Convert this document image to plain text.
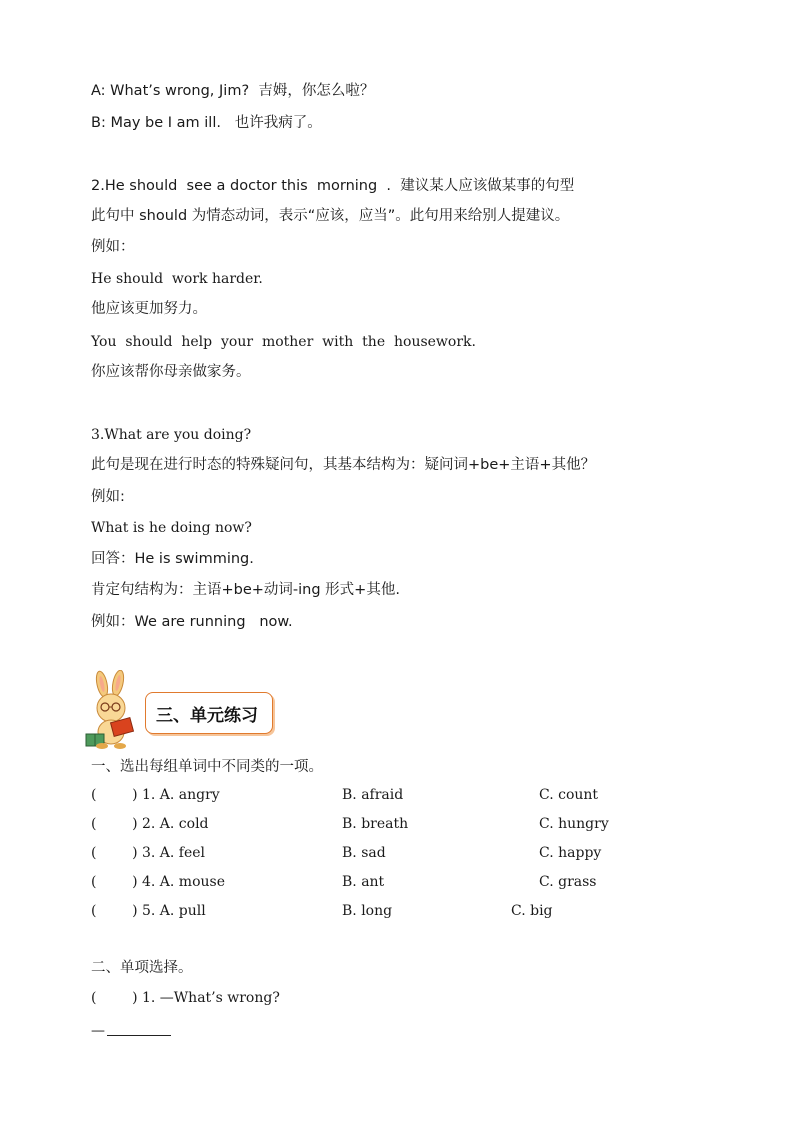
A: What’s wrong, Jim?  吉姆，你怎么啦？
B: May be I am ill.   也许我病了。
2.He should  see a doctor this  morning  .  建议某人应该做某事的句型
此句中 should 为情态动词，表示“应该，应当”。此句用来给别人提建议。
例如：
He should  work harder.
他应该更加努力。
You  should  help  your  mother  with  the  housework.
你应该帮你母亲做家务。
3.What are you doing?
此句是现在进行时态的特殊疑问句，其基本结构为：疑问词+be+主语+其他？
例如:
What is he doing now?
回答：He is swimming.
肯定句结构为：主语+be+动词-ing 形式+其他.
例如：We are running   now.
三、单元练习
一、选出每组单词中不同类的一项。
(        ) 1. A. angry	B. afraid	C. count
(        ) 2. A. cold	B. breath	C. hungry
(        ) 3. A. feel	B. sad	C. happy
(        ) 4. A. mouse	B. ant	C. grass
(        ) 5. A. pull	B. long	C. big
二、单项选择。
(        ) 1. —What’s wrong?
—
